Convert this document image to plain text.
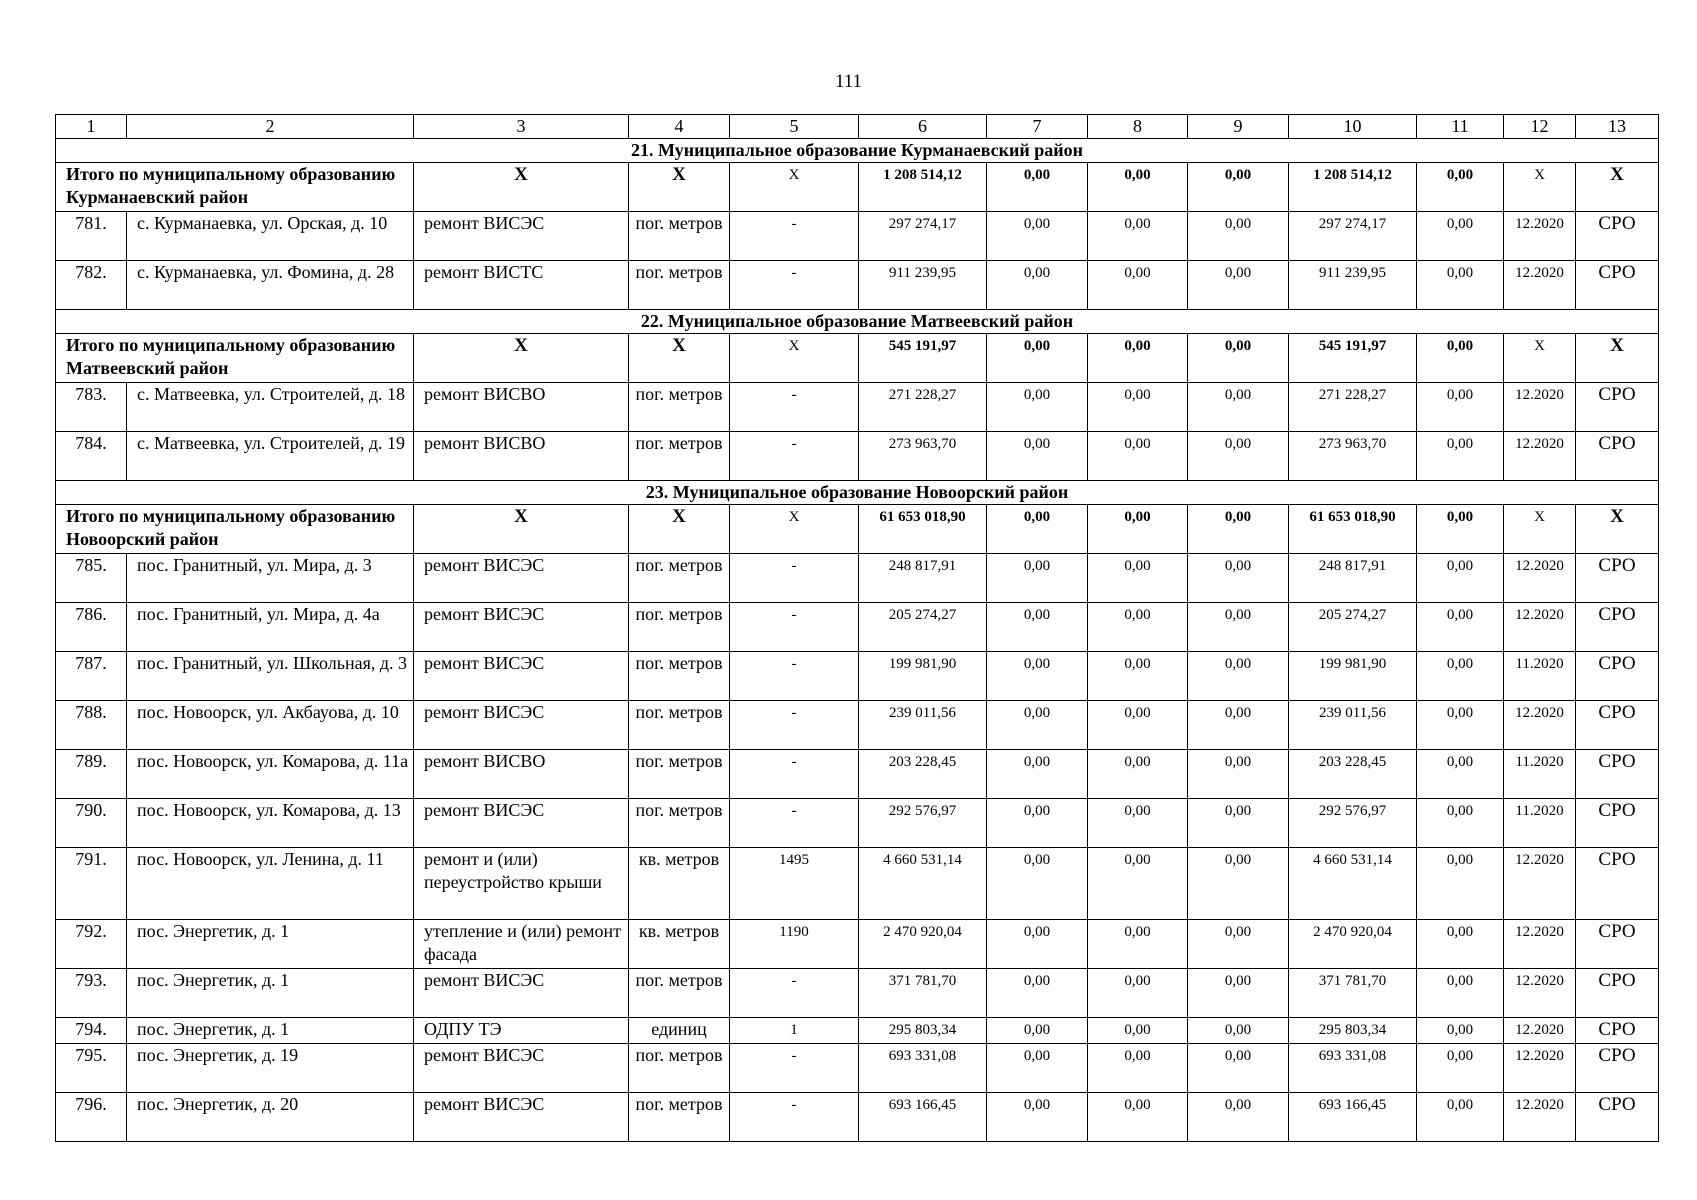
111
1	2	3	4	5	6	7	8	9	10	11	12	13
21. Муниципальное образование Курманаевский район												
Итого по муниципальному образованию Курманаевский район		X	X	X	1 208 514,12	0,00	0,00	0,00	1 208 514,12	0,00	X	X
781.	с. Курманаевка, ул. Орская, д. 10	ремонт ВИСЭС	пог. метров	-	297 274,17	0,00	0,00	0,00	297 274,17	0,00	12.2020	СРО
782.	с. Курманаевка, ул. Фомина, д. 28	ремонт ВИСТС	пог. метров	-	911 239,95	0,00	0,00	0,00	911 239,95	0,00	12.2020	СРО
22. Муниципальное образование Матвеевский район												
Итого по муниципальному образованию Матвеевский район		X	X	X	545 191,97	0,00	0,00	0,00	545 191,97	0,00	X	X
783.	с. Матвеевка, ул. Строителей, д. 18	ремонт ВИСВО	пог. метров	-	271 228,27	0,00	0,00	0,00	271 228,27	0,00	12.2020	СРО
784.	с. Матвеевка, ул. Строителей, д. 19	ремонт ВИСВО	пог. метров	-	273 963,70	0,00	0,00	0,00	273 963,70	0,00	12.2020	СРО
23. Муниципальное образование Новоорский район												
Итого по муниципальному образованию Новоорский район		X	X	X	61 653 018,90	0,00	0,00	0,00	61 653 018,90	0,00	X	X
785.	пос. Гранитный, ул. Мира, д. 3	ремонт ВИСЭС	пог. метров	-	248 817,91	0,00	0,00	0,00	248 817,91	0,00	12.2020	СРО
786.	пос. Гранитный, ул. Мира, д. 4а	ремонт ВИСЭС	пог. метров	-	205 274,27	0,00	0,00	0,00	205 274,27	0,00	12.2020	СРО
787.	пос. Гранитный, ул. Школьная, д. 3	ремонт ВИСЭС	пог. метров	-	199 981,90	0,00	0,00	0,00	199 981,90	0,00	11.2020	СРО
788.	пос. Новоорск, ул. Акбауова, д. 10	ремонт ВИСЭС	пог. метров	-	239 011,56	0,00	0,00	0,00	239 011,56	0,00	12.2020	СРО
789.	пос. Новоорск, ул. Комарова, д. 11а	ремонт ВИСВО	пог. метров	-	203 228,45	0,00	0,00	0,00	203 228,45	0,00	11.2020	СРО
790.	пос. Новоорск, ул. Комарова, д. 13	ремонт ВИСЭС	пог. метров	-	292 576,97	0,00	0,00	0,00	292 576,97	0,00	11.2020	СРО
791.	пос. Новоорск, ул. Ленина, д. 11	ремонт и (или) переустройство крыши	кв. метров	1495	4 660 531,14	0,00	0,00	0,00	4 660 531,14	0,00	12.2020	СРО
792.	пос. Энергетик, д. 1	утепление и (или) ремонт фасада	кв. метров	1190	2 470 920,04	0,00	0,00	0,00	2 470 920,04	0,00	12.2020	СРО
793.	пос. Энергетик, д. 1	ремонт ВИСЭС	пог. метров	-	371 781,70	0,00	0,00	0,00	371 781,70	0,00	12.2020	СРО
794.	пос. Энергетик, д. 1	ОДПУ ТЭ	единиц	1	295 803,34	0,00	0,00	0,00	295 803,34	0,00	12.2020	СРО
795.	пос. Энергетик, д. 19	ремонт ВИСЭС	пог. метров	-	693 331,08	0,00	0,00	0,00	693 331,08	0,00	12.2020	СРО
796.	пос. Энергетик, д. 20	ремонт ВИСЭС	пог. метров	-	693 166,45	0,00	0,00	0,00	693 166,45	0,00	12.2020	СРО
